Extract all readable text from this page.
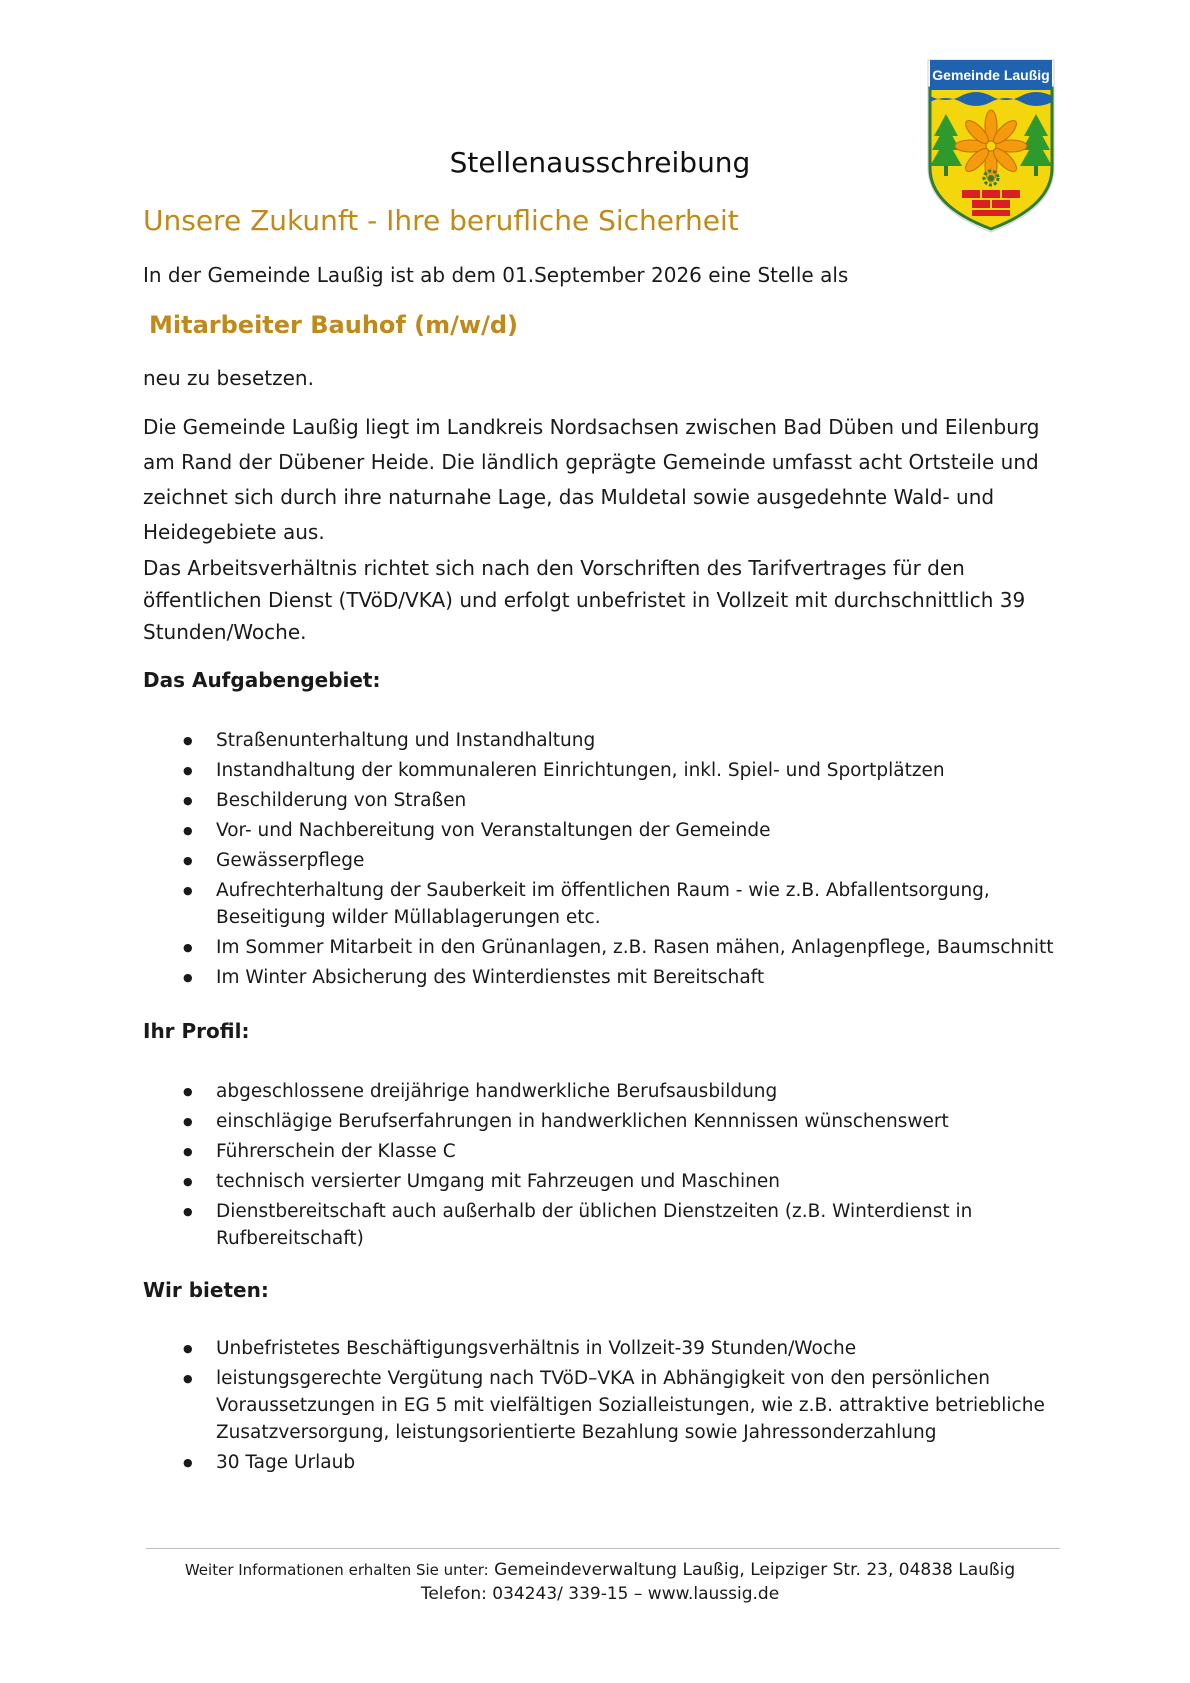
Gemeinde Laußig
Stellenausschreibung
Unsere Zukunft - Ihre berufliche Sicherheit
In der Gemeinde Laußig ist ab dem 01.September 2026 eine Stelle als
Mitarbeiter Bauhof (m/w/d)
neu zu besetzen.
Die Gemeinde Laußig liegt im Landkreis Nordsachsen zwischen Bad Düben und Eilenburg am Rand der Dübener Heide. Die ländlich geprägte Gemeinde umfasst acht Ortsteile und zeichnet sich durch ihre naturnahe Lage, das Muldetal sowie ausgedehnte Wald- und Heidegebiete aus.
Das Arbeitsverhältnis richtet sich nach den Vorschriften des Tarifvertrages für den öffentlichen Dienst (TVöD/VKA) und erfolgt unbefristet in Vollzeit mit durchschnittlich 39 Stunden/Woche.
Das Aufgabengebiet:
● Straßenunterhaltung und Instandhaltung
● Instandhaltung der kommunaleren Einrichtungen, inkl. Spiel- und Sportplätzen
● Beschilderung von Straßen
● Vor- und Nachbereitung von Veranstaltungen der Gemeinde
● Gewässerpflege
● Aufrechterhaltung der Sauberkeit im öffentlichen Raum - wie z.B. Abfallentsorgung, Beseitigung wilder Müllablagerungen etc.
● Im Sommer Mitarbeit in den Grünanlagen, z.B. Rasen mähen, Anlagenpflege, Baumschnitt
● Im Winter Absicherung des Winterdienstes mit Bereitschaft
Ihr Profil:
● abgeschlossene dreijährige handwerkliche Berufsausbildung
● einschlägige Berufserfahrungen in handwerklichen Kennnissen wünschenswert
● Führerschein der Klasse C
● technisch versierter Umgang mit Fahrzeugen und Maschinen
● Dienstbereitschaft auch außerhalb der üblichen Dienstzeiten (z.B. Winterdienst in Rufbereitschaft)
Wir bieten:
● Unbefristetes Beschäftigungsverhältnis in Vollzeit-39 Stunden/Woche
● leistungsgerechte Vergütung nach TVöD–VKA in Abhängigkeit von den persönlichen Voraussetzungen in EG 5 mit vielfältigen Sozialleistungen, wie z.B. attraktive betriebliche Zusatzversorgung, leistungsorientierte Bezahlung sowie Jahressonderzahlung
● 30 Tage Urlaub
Weiter Informationen erhalten Sie unter: Gemeindeverwaltung Laußig, Leipziger Str. 23, 04838 Laußig
Telefon: 034243/ 339-15 – www.laussig.de
